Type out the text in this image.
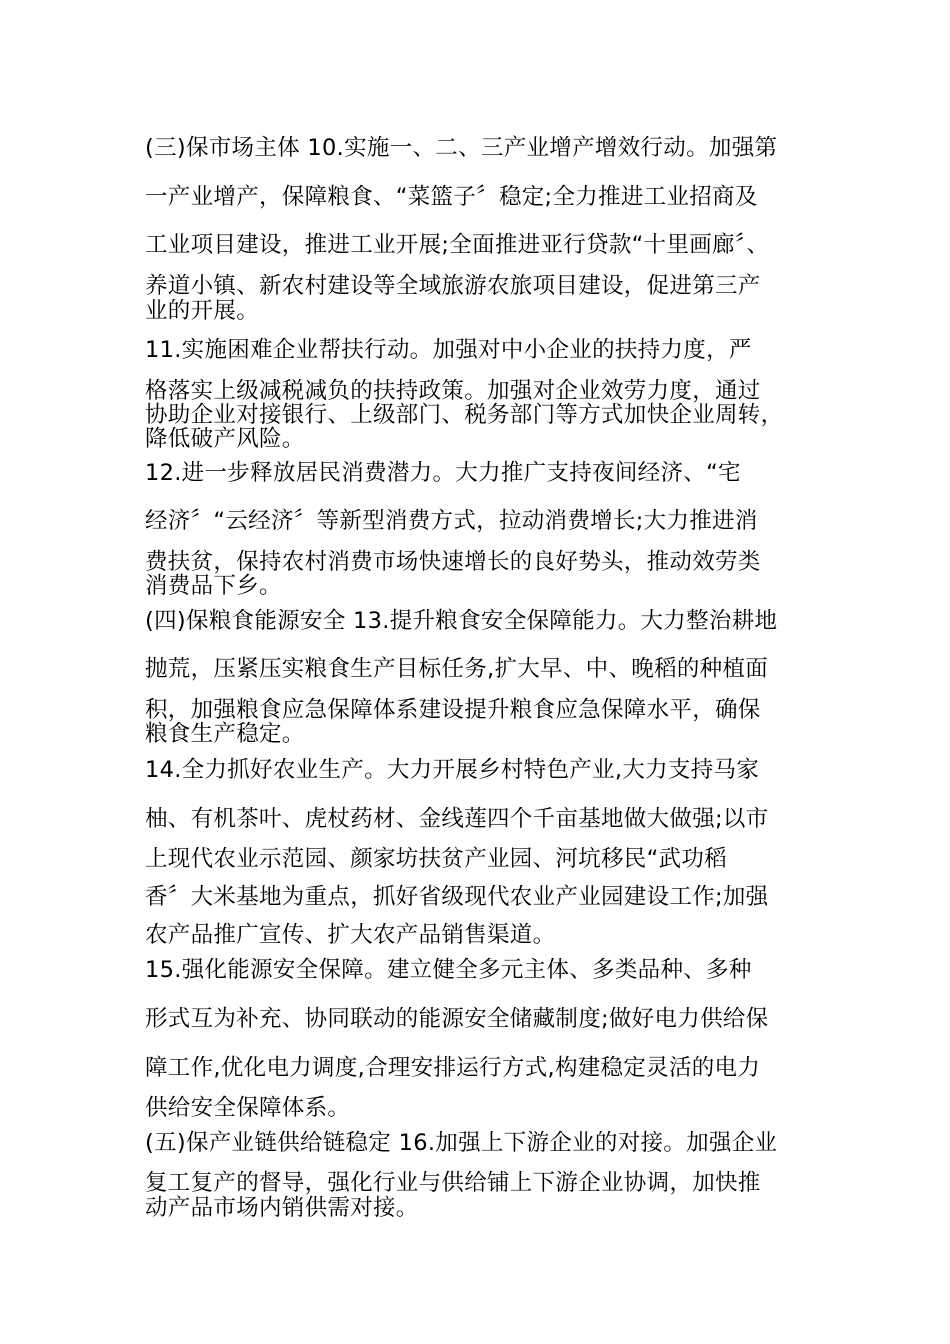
(三)保市场主体 10.实施一、二、三产业增产增效行动。加强第
一产业增产，保障粮食、“菜篮子〞稳定;全力推进工业招商及
工业项目建设，推进工业开展;全面推进亚行贷款“十里画廊〞、
养道小镇、新农村建设等全域旅游农旅项目建设，促进第三产
业的开展。
11.实施困难企业帮扶行动。加强对中小企业的扶持力度，严
格落实上级减税减负的扶持政策。加强对企业效劳力度，通过
协助企业对接银行、上级部门、税务部门等方式加快企业周转，
降低破产风险。
12.进一步释放居民消费潜力。大力推广支持夜间经济、“宅
经济〞“云经济〞等新型消费方式，拉动消费增长;大力推进消
费扶贫，保持农村消费市场快速增长的良好势头，推动效劳类
消费品下乡。
(四)保粮食能源安全 13.提升粮食安全保障能力。大力整治耕地
抛荒，压紧压实粮食生产目标任务,扩大早、中、晚稻的种植面
积，加强粮食应急保障体系建设提升粮食应急保障水平，确保
粮食生产稳定。
14.全力抓好农业生产。大力开展乡村特色产业,大力支持马家
柚、有机茶叶、虎杖药材、金线莲四个千亩基地做大做强;以市
上现代农业示范园、颜家坊扶贫产业园、河坑移民“武功稻
香〞大米基地为重点，抓好省级现代农业产业园建设工作;加强
农产品推广宣传、扩大农产品销售渠道。
15.强化能源安全保障。建立健全多元主体、多类品种、多种
形式互为补充、协同联动的能源安全储藏制度;做好电力供给保
障工作,优化电力调度,合理安排运行方式,构建稳定灵活的电力
供给安全保障体系。
(五)保产业链供给链稳定 16.加强上下游企业的对接。加强企业
复工复产的督导，强化行业与供给铺上下游企业协调，加快推
动产品市场内销供需对接。
